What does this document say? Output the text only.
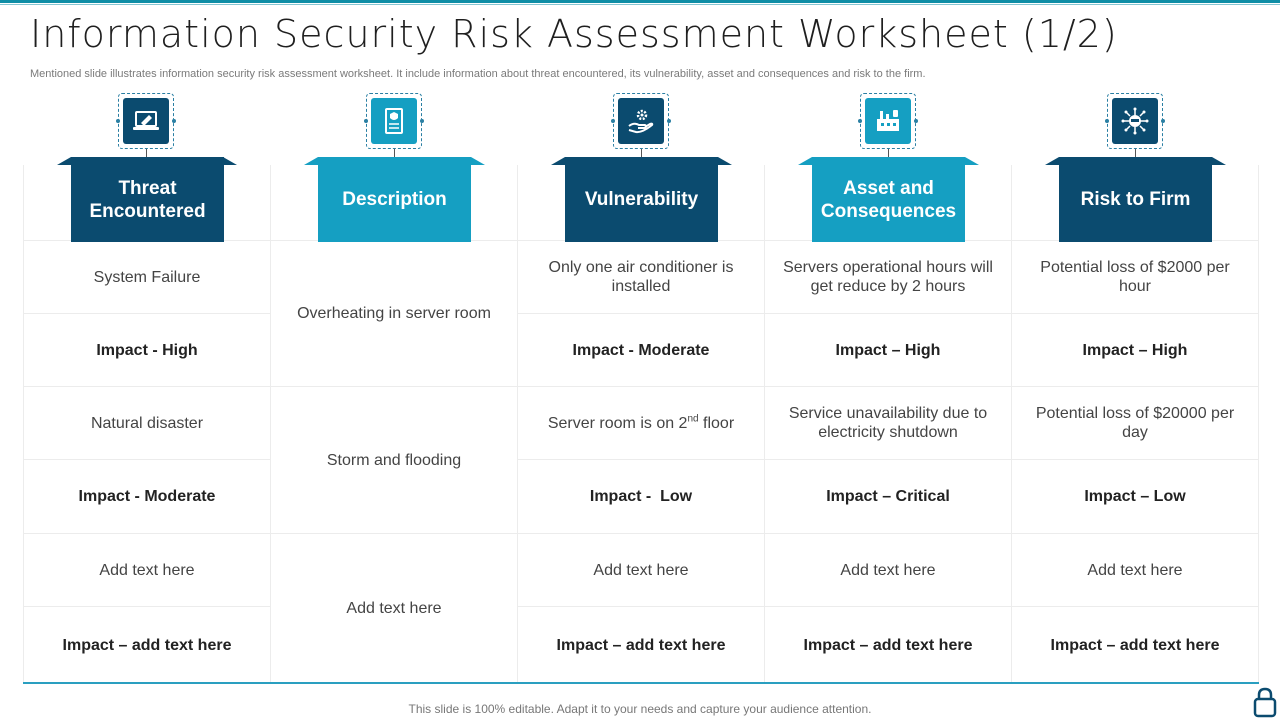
Information Security Risk Assessment Worksheet (1/2)
Mentioned slide illustrates information security risk assessment worksheet. It include information about threat encountered, its vulnerability, asset and consequences and risk to the firm.
System Failure
Impact - High
Natural disaster
Impact - Moderate
Add text here
Impact – add text here
Overheating in server room
Storm and flooding
Add text here
Only one air conditioner is installed
Impact - Moderate
Server room is on 2nd floor
Impact -  Low
Add text here
Impact – add text here
Servers operational hours will get reduce by 2 hours
Impact – High
Service unavailability due to electricity shutdown
Impact – Critical
Add text here
Impact – add text here
Potential loss of $2000 per hour
Impact – High
Potential loss of $20000 per day
Impact – Low
Add text here
Impact – add text here
Threat Encountered
Description	Vulnerability
Asset and Consequences
Risk to Firm
This slide is 100% editable. Adapt it to your needs and capture your audience attention.
